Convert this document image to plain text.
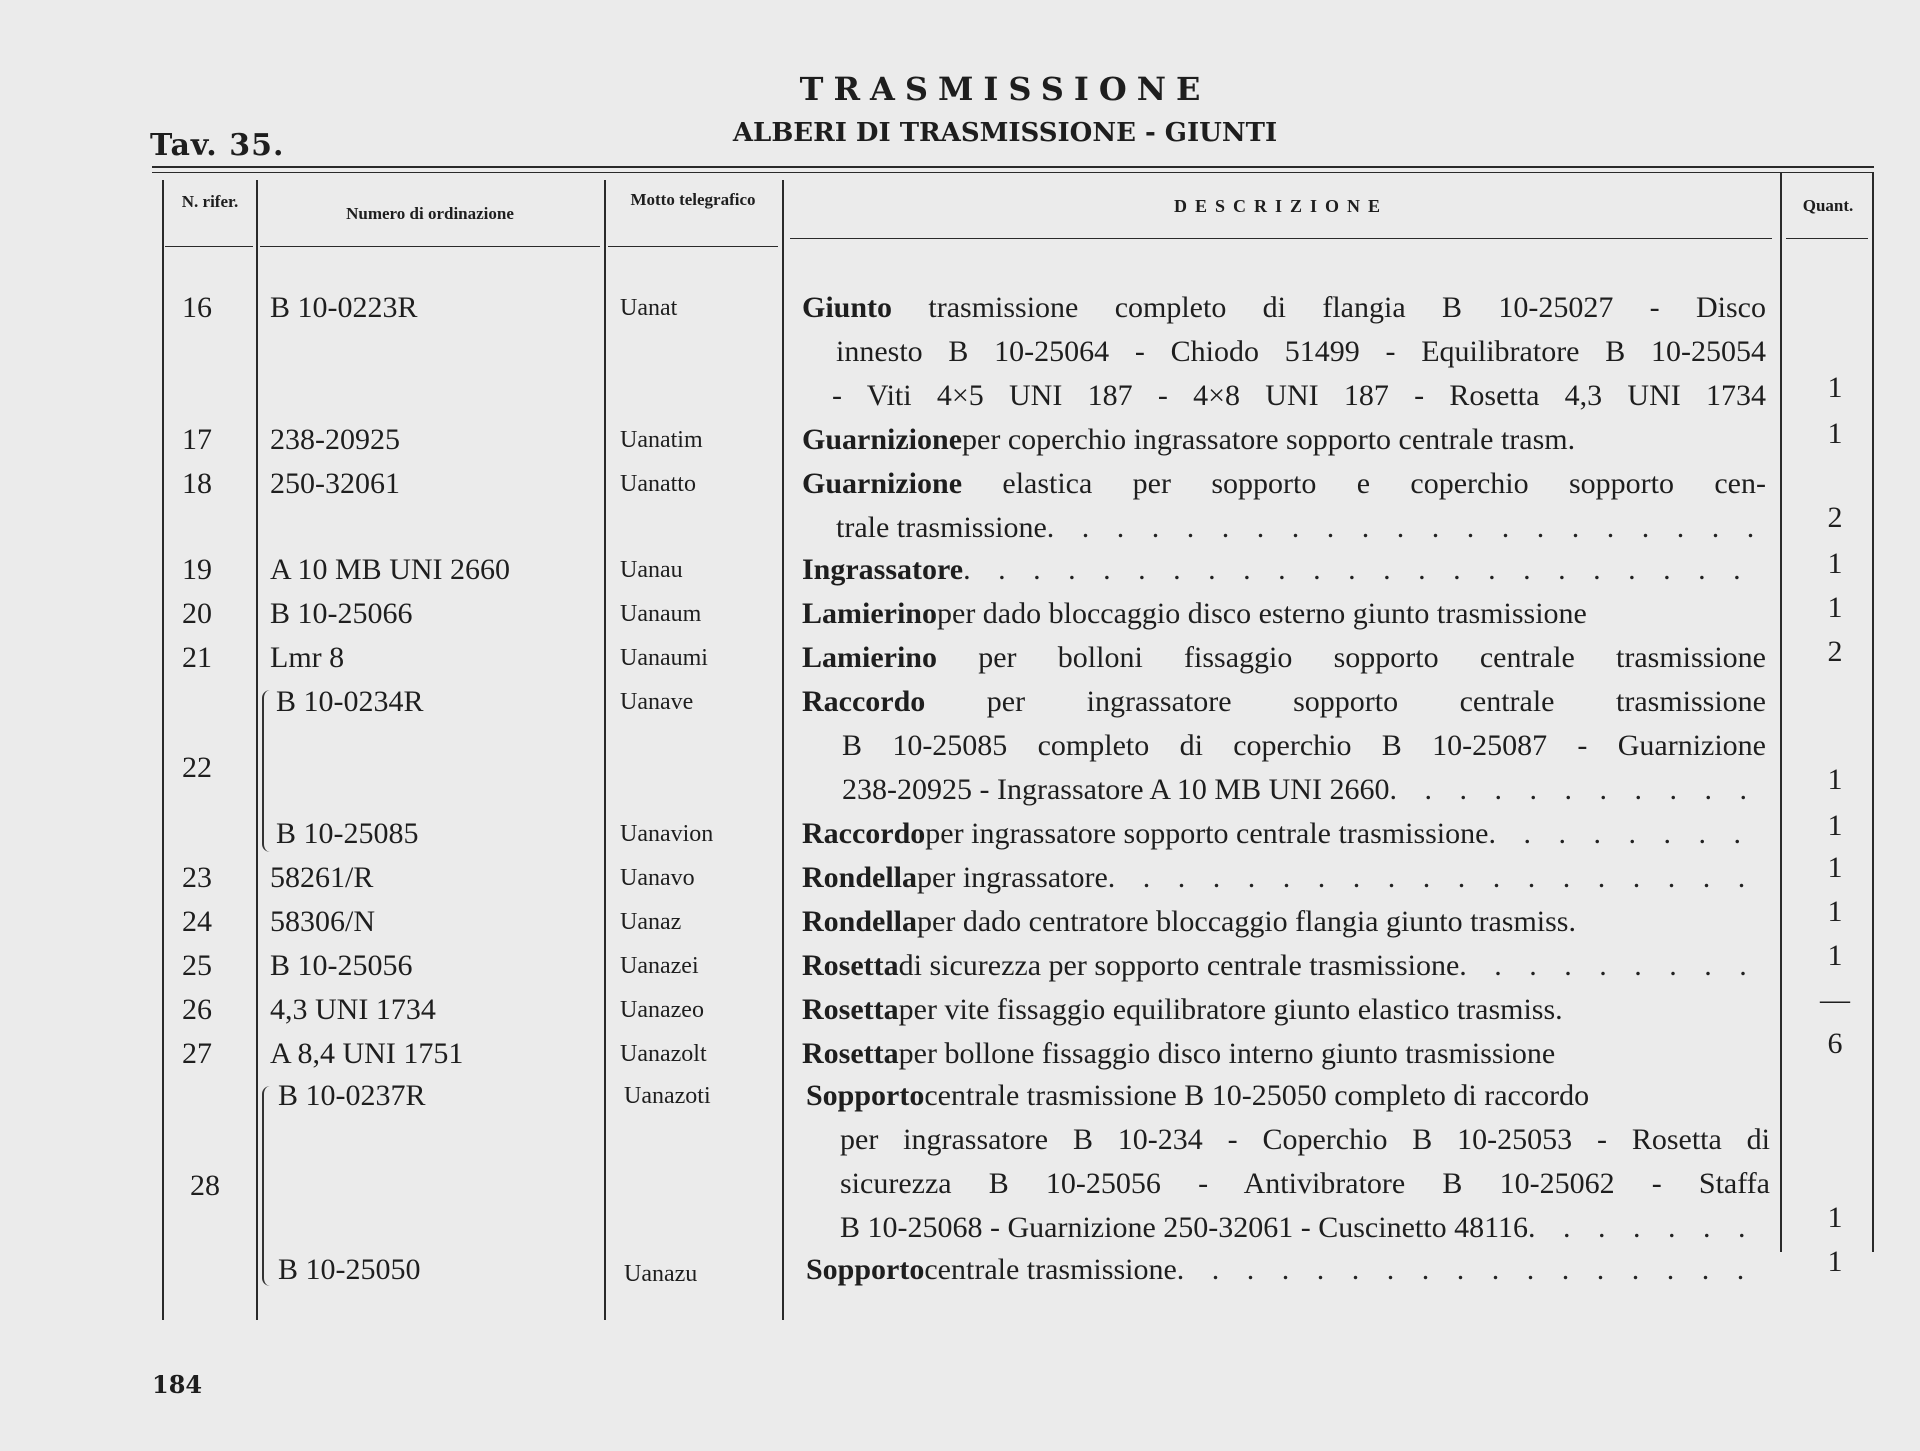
Tav. 35.
TRASMISSIONE
ALBERI DI TRASMISSIONE - GIUNTI
N. rifer.
Numero di ordinazione
Motto telegrafico	DESCRIZIONE	Quant.
16 B 10-0223R	Uanat	Giunto trasmissione completo di flangia B 10-25027 - Disco
innesto B 10-25064 - Chiodo 51499 - Equilibratore B 10-25054
- Viti 4×5 UNI 187 - 4×8 UNI 187 - Rosetta 4,3 UNI 1734	1
17 238-20925	Uanatim	Guarnizione per coperchio ingrassatore sopporto centrale trasm.	1
18 250-32061	Uanatto	Guarnizione elastica per sopporto e coperchio sopporto cen-
trale trasmissione . . .	2
19 A 10 MB UNI 2660	Uanau	Ingrassatore . . .	1
20 B 10-25066	Uanaum	Lamierino per dado bloccaggio disco esterno giunto trasmissione	1
21 Lmr 8	Uanaumi	Lamierino per bolloni fissaggio sopporto centrale trasmissione	2
22
B 10-0234R	Uanave	Raccordo per ingrassatore sopporto centrale trasmissione
B 10-25085 completo di coperchio B 10-25087 - Guarnizione
238-20925 - Ingrassatore A 10 MB UNI 2660 . . .	1
B 10-25085	Uanavion	Raccordo per ingrassatore sopporto centrale trasmissione . . .	1
23 58261/R	Uanavo	Rondella per ingrassatore . . .	1
24 58306/N	Uanaz	Rondella per dado centratore bloccaggio flangia giunto trasmiss.	1
25 B 10-25056	Uanazei	Rosetta di sicurezza per sopporto centrale trasmissione . . .	1
26 4,3 UNI 1734	Uanazeo	Rosetta per vite fissaggio equilibratore giunto elastico trasmiss.	—
27 A 8,4 UNI 1751	Uanazolt	Rosetta per bollone fissaggio disco interno giunto trasmissione	6
28
B 10-0237R	Uanazoti	Sopporto centrale trasmissione B 10-25050 completo di raccordo
per ingrassatore B 10-234 - Coperchio B 10-25053 - Rosetta di
sicurezza B 10-25056 - Antivibratore B 10-25062 - Staffa
B 10-25068 - Guarnizione 250-32061 - Cuscinetto 48116 . . .	1
B 10-25050	Uanazu	Sopporto centrale trasmissione . . .	1
184
